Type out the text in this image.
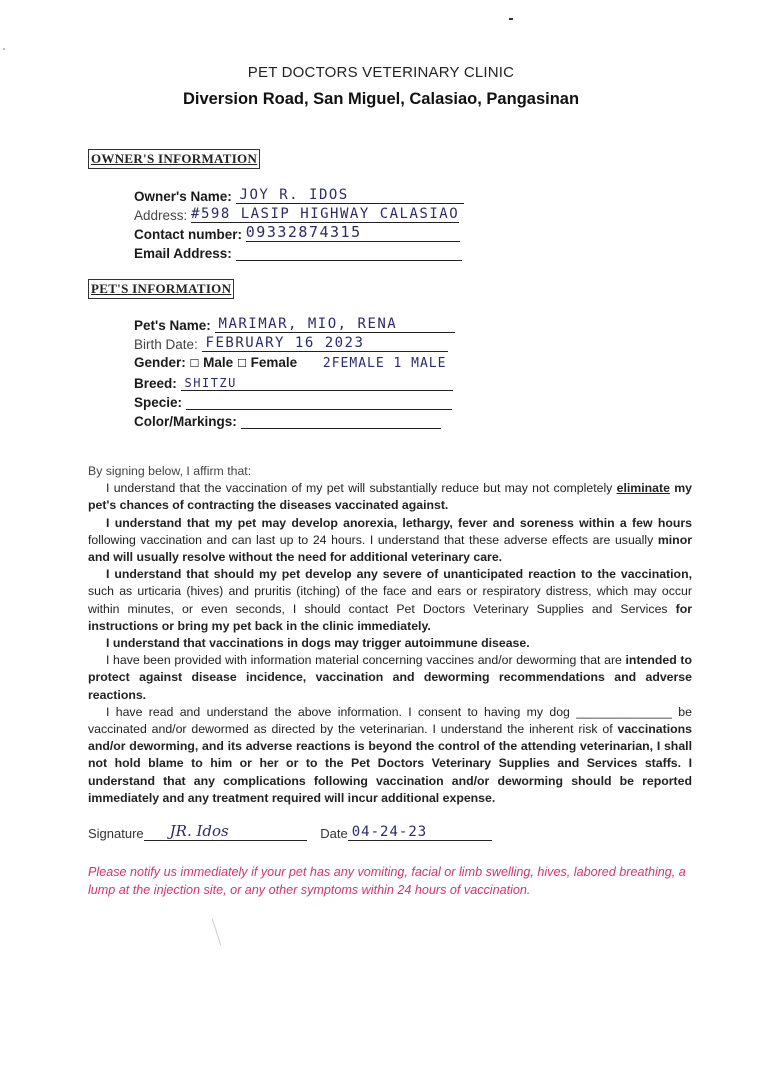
PET DOCTORS VETERINARY CLINIC
Diversion Road, San Miguel, Calasiao, Pangasinan
OWNER'S INFORMATION
Owner's Name: JOY R. IDOS
Address: #598 LASIP HIGHWAY CALASIAO
Contact number: 09332874315
Email Address:
PET'S INFORMATION
Pet's Name: MARIMAR, MIO, RENA
Birth Date: FEBRUARY 16 2023
Gender: ☐ Male ☐ Female 2FEMALE 1 MALE
Breed: SHITZU
Specie:
Color/Markings:

By signing below, I affirm that:

I understand that the vaccination of my pet will substantially reduce but may not completely eliminate my pet's chances of contracting the diseases vaccinated against.

I understand that my pet may develop anorexia, lethargy, fever and soreness within a few hours following vaccination and can last up to 24 hours. I understand that these adverse effects are usually minor and will usually resolve without the need for additional veterinary care.

I understand that should my pet develop any severe of unanticipated reaction to the vaccination, such as urticaria (hives) and pruritis (itching) of the face and ears or respiratory distress, which may occur within minutes, or even seconds, I should contact Pet Doctors Veterinary Supplies and Services for instructions or bring my pet back in the clinic immediately.

I understand that vaccinations in dogs may trigger autoimmune disease.

I have been provided with information material concerning vaccines and/or deworming that are intended to protect against disease incidence, vaccination and deworming recommendations and adverse reactions.

I have read and understand the above information. I consent to having my dog ______________ be vaccinated and/or dewormed as directed by the veterinarian. I understand the inherent risk of vaccinations and/or deworming, and its adverse reactions is beyond the control of the attending veterinarian, I shall not hold blame to him or her or to the Pet Doctors Veterinary Supplies and Services staffs. I understand that any complications following vaccination and/or deworming should be reported immediately and any treatment required will incur additional expense.

Signature JR. Idos	Date 04-24-23
Please notify us immediately if your pet has any vomiting, facial or limb swelling, hives, labored breathing, a lump at the injection site, or any other symptoms within 24 hours of vaccination.
